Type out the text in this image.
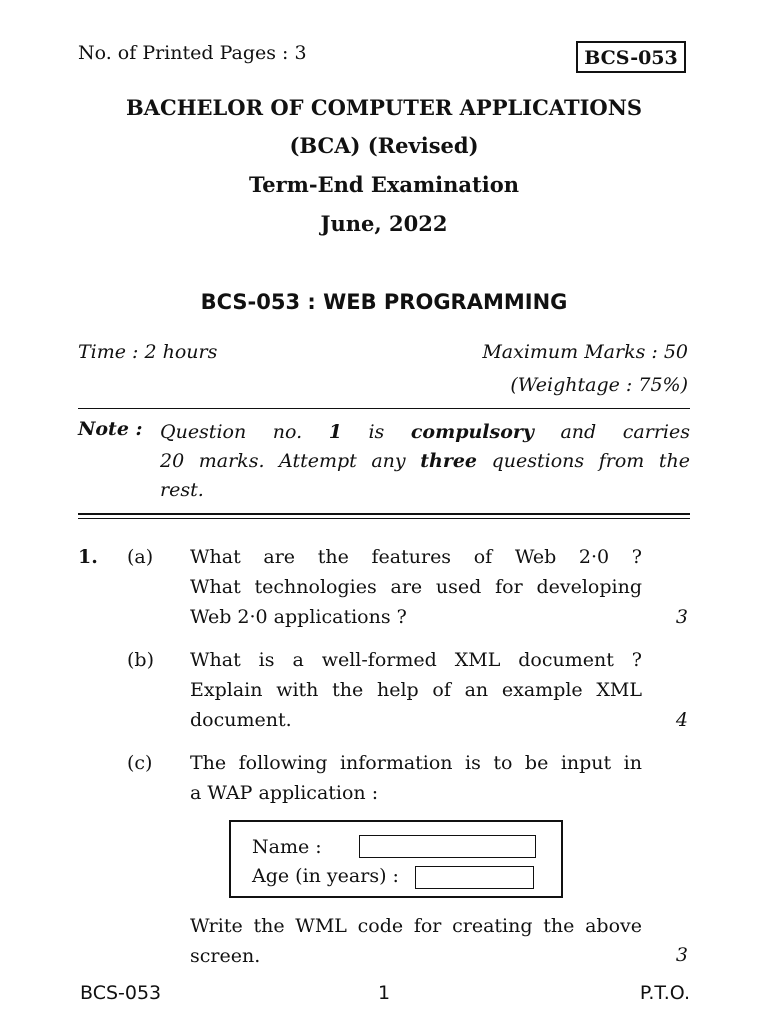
No. of Printed Pages : 3	BCS-053
BACHELOR OF COMPUTER APPLICATIONS
(BCA) (Revised)
Term-End Examination
June, 2022
BCS-053 : WEB PROGRAMMING
Time : 2 hours	Maximum Marks : 50
(Weightage : 75%)
Note : Question no. 1 is compulsory and carries
20 marks. Attempt any three questions from the
rest.
1. (a) What are the features of Web 2·0 ?
What technologies are used for developing
Web 2·0 applications ?	3
(b) What is a well-formed XML document ?
Explain with the help of an example XML
document.	4
(c) The following information is to be input in
a WAP application :
Name :
Age (in years) :
Write the WML code for creating the above
screen.	3
BCS-053	1	P.T.O.
